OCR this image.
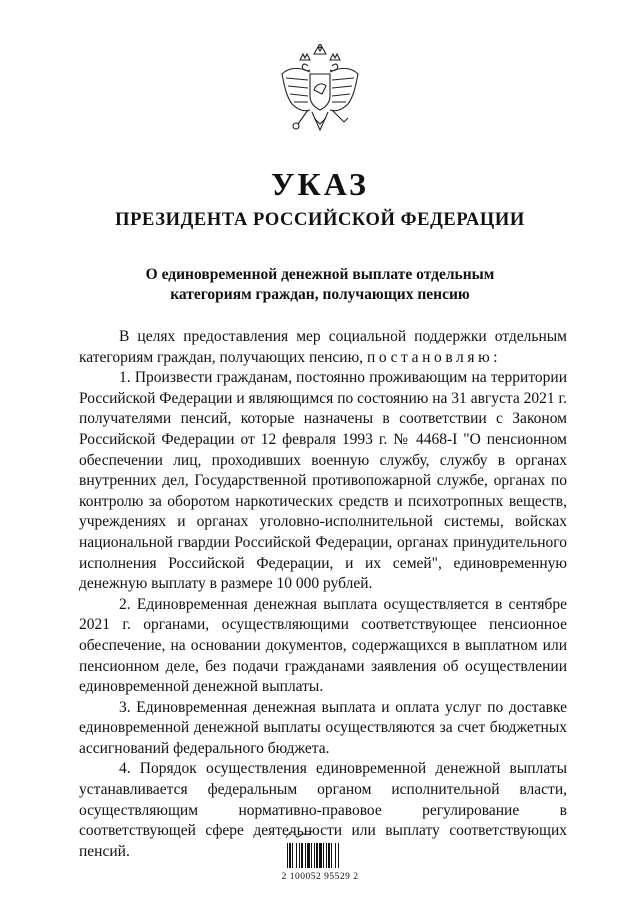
УКАЗ
ПРЕЗИДЕНТА РОССИЙСКОЙ ФЕДЕРАЦИИ
О единовременной денежной выплате отдельным
категориям граждан, получающих пенсию

В целях предоставления мер социальной поддержки отдельным категориям граждан, получающих пенсию, постановляю:

1. Произвести гражданам, постоянно проживающим на территории Российской Федерации и являющимся по состоянию на 31 августа 2021 г. получателями пенсий, которые назначены в соответствии с Законом Российской Федерации от 12 февраля 1993 г. № 4468-I "О пенсионном обеспечении лиц, проходивших военную службу, службу в органах внутренних дел, Государственной противопожарной службе, органах по контролю за оборотом наркотических средств и психотропных веществ, учреждениях и органах уголовно-исполнительной системы, войсках национальной гвардии Российской Федерации, органах принудительного исполнения Российской Федерации, и их семей", единовременную денежную выплату в размере 10 000 рублей.

2. Единовременная денежная выплата осуществляется в сентябре 2021 г. органами, осуществляющими соответствующее пенсионное обеспечение, на основании документов, содержащихся в выплатном или пенсионном деле, без подачи гражданами заявления об осуществлении единовременной денежной выплаты.

3. Единовременная денежная выплата и оплата услуг по доставке единовременной денежной выплаты осуществляются за счет бюджетных ассигнований федерального бюджета.

4. Порядок осуществления единовременной денежной выплаты устанавливается федеральным органом исполнительной власти, осуществляющим нормативно-правовое регулирование в соответствующей сфере деятельности или выплату соответствующих пенсий.

2 100052 95529 2
